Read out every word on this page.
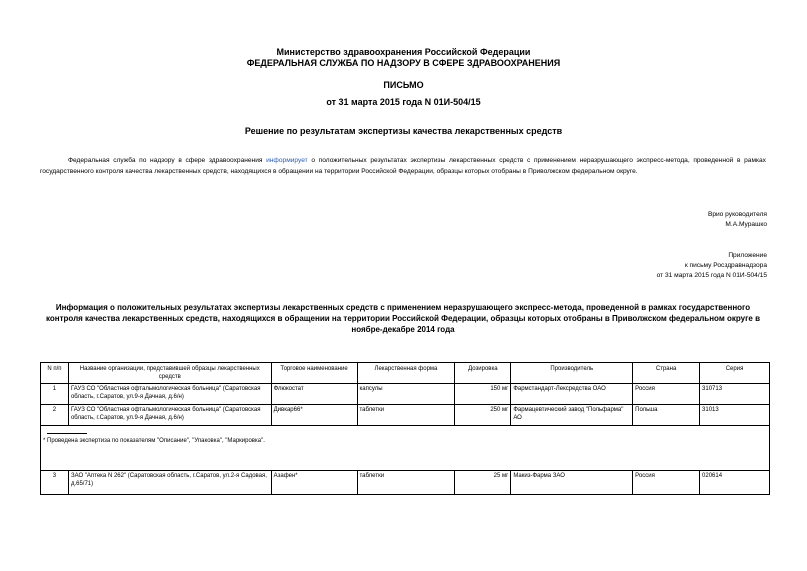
Министерство здравоохранения Российской Федерации
ФЕДЕРАЛЬНАЯ СЛУЖБА ПО НАДЗОРУ В СФЕРЕ ЗДРАВООХРАНЕНИЯ
ПИСЬМО
от 31 марта 2015 года N 01И-504/15
Решение по результатам экспертизы качества лекарственных средств
Федеральная служба по надзору в сфере здравоохранения информирует о положительных результатах экспертизы лекарственных средств с применением неразрушающего экспресс-метода, проведенной в рамках государственного контроля качества лекарственных средств, находящихся в обращении на территории Российской Федерации, образцы которых отобраны в Приволжском федеральном округе.
Врио руководителя
М.А.Мурашко
Приложение
к письму Росздравнадзора
от 31 марта 2015 года N 01И-504/15
Информация о положительных результатах экспертизы лекарственных средств с применением неразрушающего экспресс-метода, проведенной в рамках государственного контроля качества лекарственных средств, находящихся в обращении на территории Российской Федерации, образцы которых отобраны в Приволжском федеральном округе в ноябре-декабре 2014 года
N п/п	Название организации, представившей образцы лекарственных средств	Торговое наименование	Лекарственная форма	Дозировка	Производитель	Страна	Серия
1	ГАУЗ СО "Областная офтальмологическая больница" (Саратовская область, г.Саратов, ул.9-я Дачная, д.6/н)	Флюкостат	капсулы	150 мг	Фармстандарт-Лексредства ОАО	Россия	310713
2	ГАУЗ СО "Областная офтальмологическая больница" (Саратовская область, г.Саратов, ул.9-я Дачная, д.6/н)	Дивкар66*	таблетки	250 мг	Фармацевтический завод "Польфарма" АО	Польша	31013

* Проведена экспертиза по показателям "Описание", "Упаковка", "Маркировка".							

3	ЗАО "Аптека N 262" (Саратовская область, г.Саратов, ул.2-я Садовая, д.65/71)	Азафен*	таблетки	25 мг	Макиз-Фарма ЗАО	Россия	020614
